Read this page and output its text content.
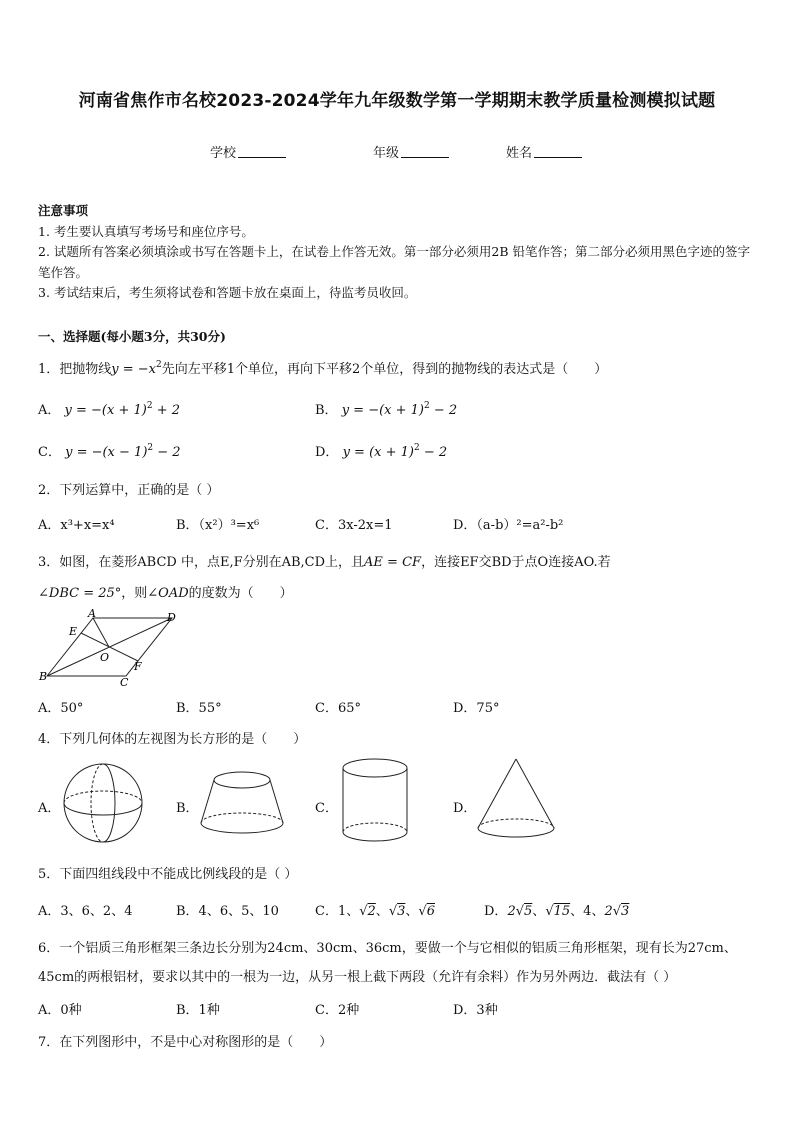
河南省焦作市名校2023-2024学年九年级数学第一学期期末教学质量检测模拟试题
学校	年级	姓名
注意事项
1. 考生要认真填写考场号和座位序号。
2. 试题所有答案必须填涂或书写在答题卡上，在试卷上作答无效。第一部分必须用2B 铅笔作答；第二部分必须用黑色字迹的签字笔作答。
3. 考试结束后，考生须将试卷和答题卡放在桌面上，待监考员收回。
一、选择题(每小题3分，共30分)
1．把抛物线$y = -x^2$先向左平移1个单位，再向下平移2个单位，得到的抛物线的表达式是（　　）
A． $y = -(x + 1)^2 + 2$	B． $y = -(x + 1)^2 - 2$
C． $y = -(x - 1)^2 - 2$	D． $y = (x + 1)^2 - 2$
2．下列运算中，正确的是（ ）
A．x³+x=x⁴	B．（x²）³=x⁶	C．3x-2x=1	D．（a-b）²=a²-b²
3．如图，在菱形ABCD 中，点E,F分别在AB,CD上，且AE = CF，连接EF交BD于点O连接AO.若
∠DBC = 25°，则∠OAD的度数为（　　）
A	D
E
O
F
B	C
A．50°	B．55°	C．65°	D．75°
4．下列几何体的左视图为长方形的是（　　）
A．	B．	C．	D．
5．下面四组线段中不能成比例线段的是（ ）
A．3、6、2、4	B．4、6、5、10	C．1、√2、√3、√6	D．2√5、√15、4、2√3
6．一个铝质三角形框架三条边长分别为24cm、30cm、36cm，要做一个与它相似的铝质三角形框架，现有长为27cm、
45cm的两根铝材，要求以其中的一根为一边，从另一根上截下两段（允许有余料）作为另外两边．截法有（ ）
A．0种	B．1种	C．2种	D．3种
7．在下列图形中，不是中心对称图形的是（　　）
